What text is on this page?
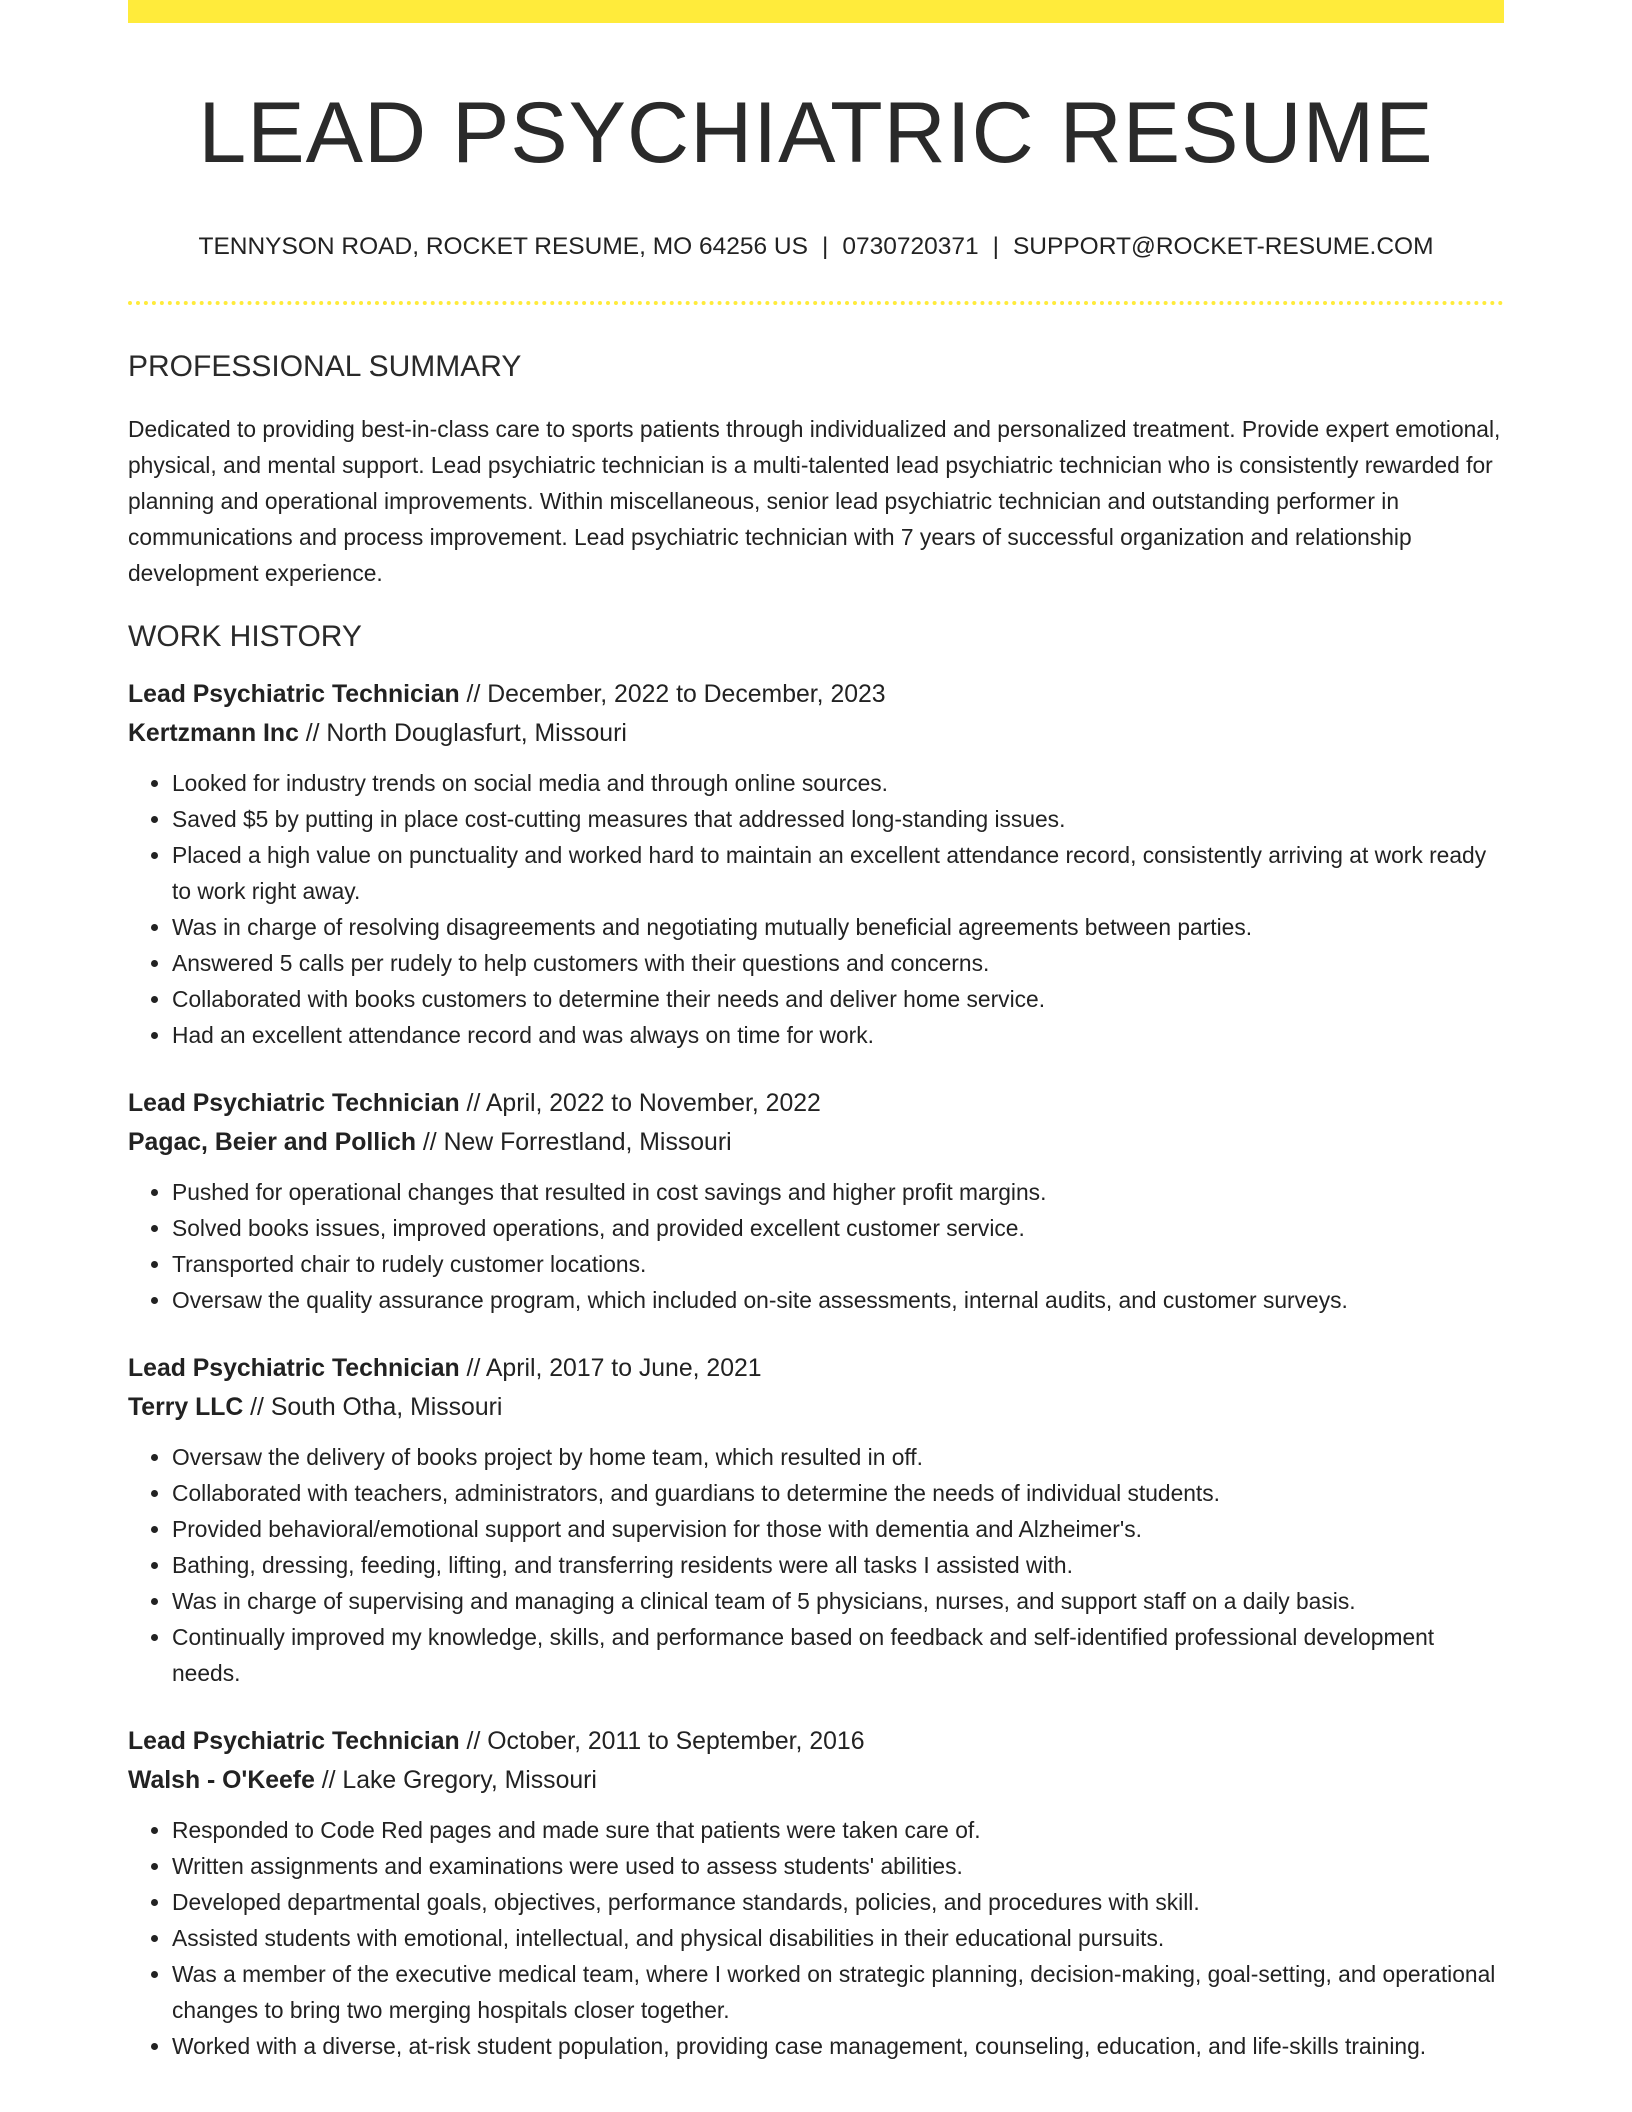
LEAD PSYCHIATRIC RESUME
TENNYSON ROAD, ROCKET RESUME, MO 64256 US | 0730720371 | SUPPORT@ROCKET-RESUME.COM
PROFESSIONAL SUMMARY

Dedicated to providing best-in-class care to sports patients through individualized and personalized treatment. Provide expert emotional, physical, and mental support. Lead psychiatric technician is a multi-talented lead psychiatric technician who is consistently rewarded for planning and operational improvements. Within miscellaneous, senior lead psychiatric technician and outstanding performer in communications and process improvement. Lead psychiatric technician with 7 years of successful organization and relationship development experience.

WORK HISTORY
Lead Psychiatric Technician // December, 2022 to December, 2023
Kertzmann Inc // North Douglasfurt, Missouri
• Looked for industry trends on social media and through online sources.
• Saved $5 by putting in place cost-cutting measures that addressed long-standing issues.
• Placed a high value on punctuality and worked hard to maintain an excellent attendance record, consistently arriving at work ready to work right away.
• Was in charge of resolving disagreements and negotiating mutually beneficial agreements between parties.
• Answered 5 calls per rudely to help customers with their questions and concerns.
• Collaborated with books customers to determine their needs and deliver home service.
• Had an excellent attendance record and was always on time for work.
Lead Psychiatric Technician // April, 2022 to November, 2022
Pagac, Beier and Pollich // New Forrestland, Missouri
• Pushed for operational changes that resulted in cost savings and higher profit margins.
• Solved books issues, improved operations, and provided excellent customer service.
• Transported chair to rudely customer locations.
• Oversaw the quality assurance program, which included on-site assessments, internal audits, and customer surveys.
Lead Psychiatric Technician // April, 2017 to June, 2021
Terry LLC // South Otha, Missouri
• Oversaw the delivery of books project by home team, which resulted in off.
• Collaborated with teachers, administrators, and guardians to determine the needs of individual students.
• Provided behavioral/emotional support and supervision for those with dementia and Alzheimer's.
• Bathing, dressing, feeding, lifting, and transferring residents were all tasks I assisted with.
• Was in charge of supervising and managing a clinical team of 5 physicians, nurses, and support staff on a daily basis.
• Continually improved my knowledge, skills, and performance based on feedback and self-identified professional development needs.
Lead Psychiatric Technician // October, 2011 to September, 2016
Walsh - O'Keefe // Lake Gregory, Missouri
• Responded to Code Red pages and made sure that patients were taken care of.
• Written assignments and examinations were used to assess students' abilities.
• Developed departmental goals, objectives, performance standards, policies, and procedures with skill.
• Assisted students with emotional, intellectual, and physical disabilities in their educational pursuits.
• Was a member of the executive medical team, where I worked on strategic planning, decision-making, goal-setting, and operational changes to bring two merging hospitals closer together.
• Worked with a diverse, at-risk student population, providing case management, counseling, education, and life-skills training.
